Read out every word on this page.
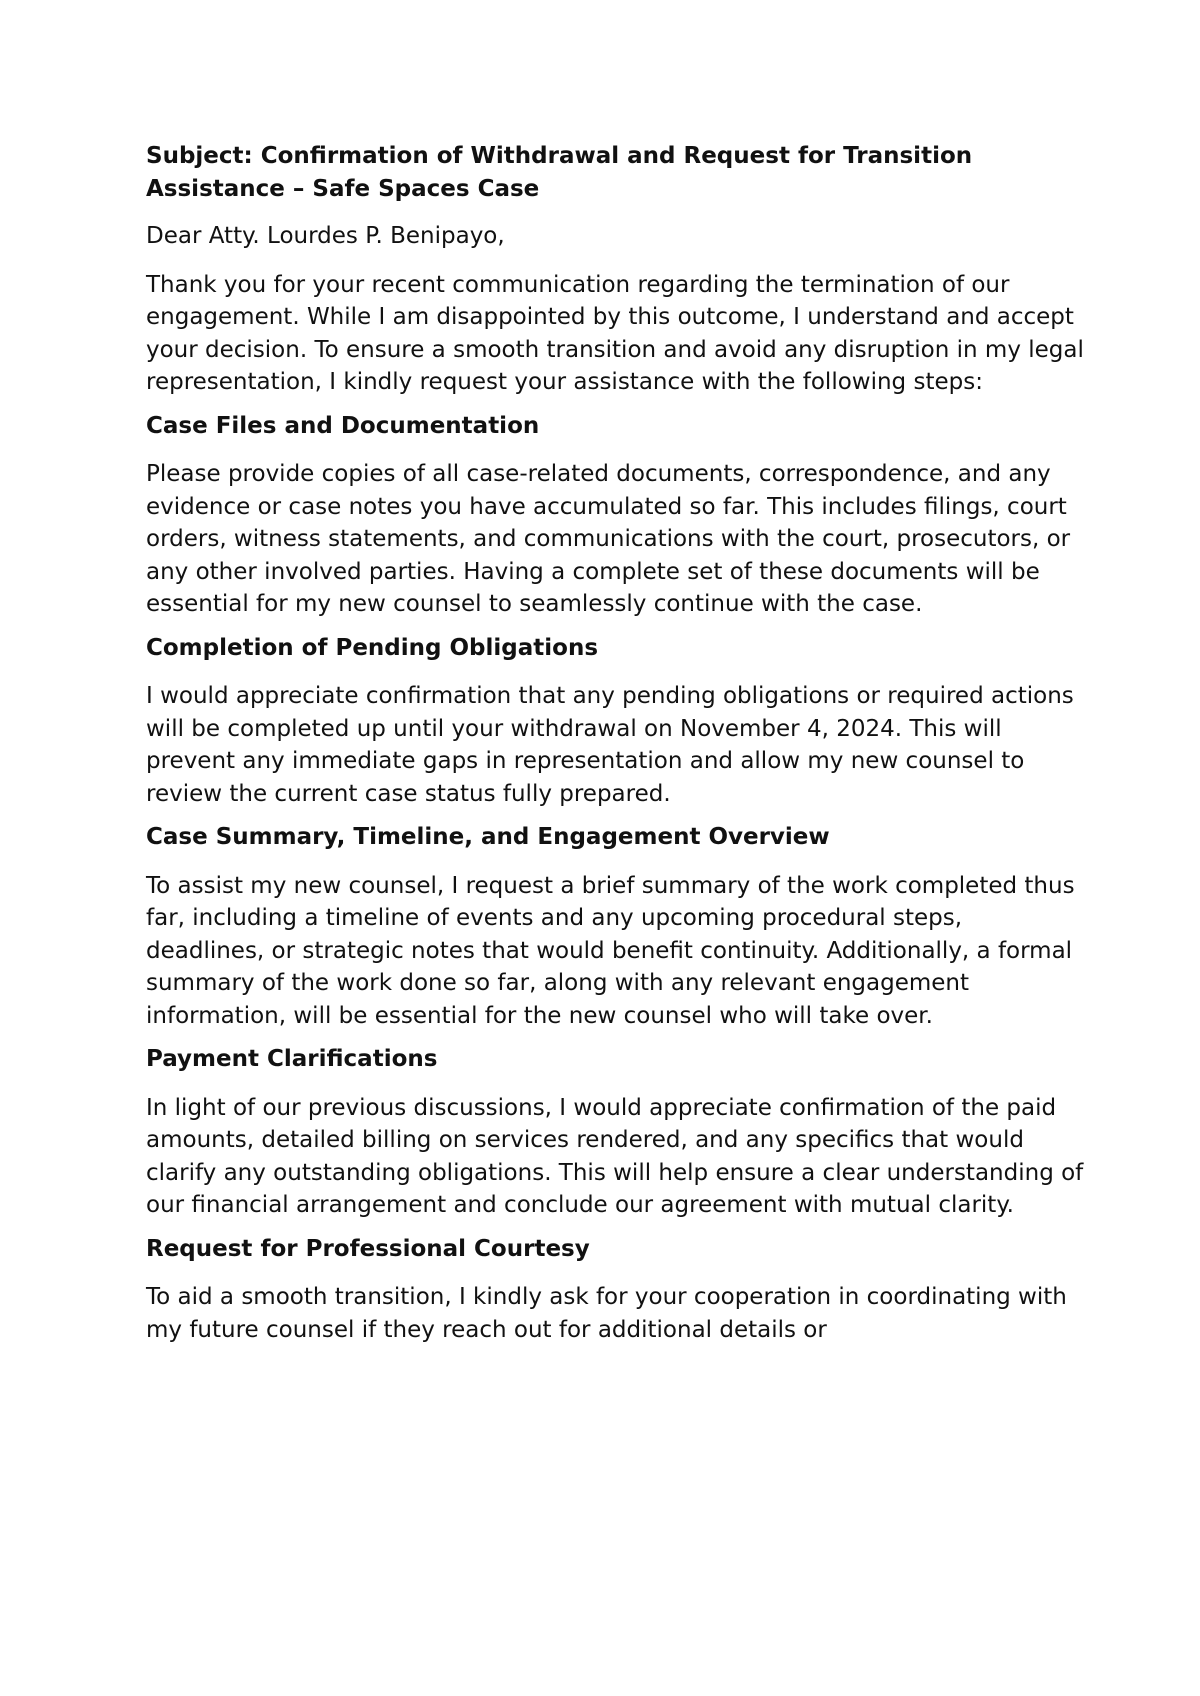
Subject: Confirmation of Withdrawal and Request for Transition Assistance – Safe Spaces Case

Dear Atty. Lourdes P. Benipayo,

Thank you for your recent communication regarding the termination of our engagement. While I am disappointed by this outcome, I understand and accept your decision. To ensure a smooth transition and avoid any disruption in my legal representation, I kindly request your assistance with the following steps:

Case Files and Documentation

Please provide copies of all case-related documents, correspondence, and any evidence or case notes you have accumulated so far. This includes filings, court orders, witness statements, and communications with the court, prosecutors, or any other involved parties. Having a complete set of these documents will be essential for my new counsel to seamlessly continue with the case.

Completion of Pending Obligations

I would appreciate confirmation that any pending obligations or required actions will be completed up until your withdrawal on November 4, 2024. This will prevent any immediate gaps in representation and allow my new counsel to review the current case status fully prepared.

Case Summary, Timeline, and Engagement Overview

To assist my new counsel, I request a brief summary of the work completed thus far, including a timeline of events and any upcoming procedural steps, deadlines, or strategic notes that would benefit continuity. Additionally, a formal summary of the work done so far, along with any relevant engagement information, will be essential for the new counsel who will take over.

Payment Clarifications

In light of our previous discussions, I would appreciate confirmation of the paid amounts, detailed billing on services rendered, and any specifics that would clarify any outstanding obligations. This will help ensure a clear understanding of our financial arrangement and conclude our agreement with mutual clarity.

Request for Professional Courtesy

To aid a smooth transition, I kindly ask for your cooperation in coordinating with my future counsel if they reach out for additional details or
